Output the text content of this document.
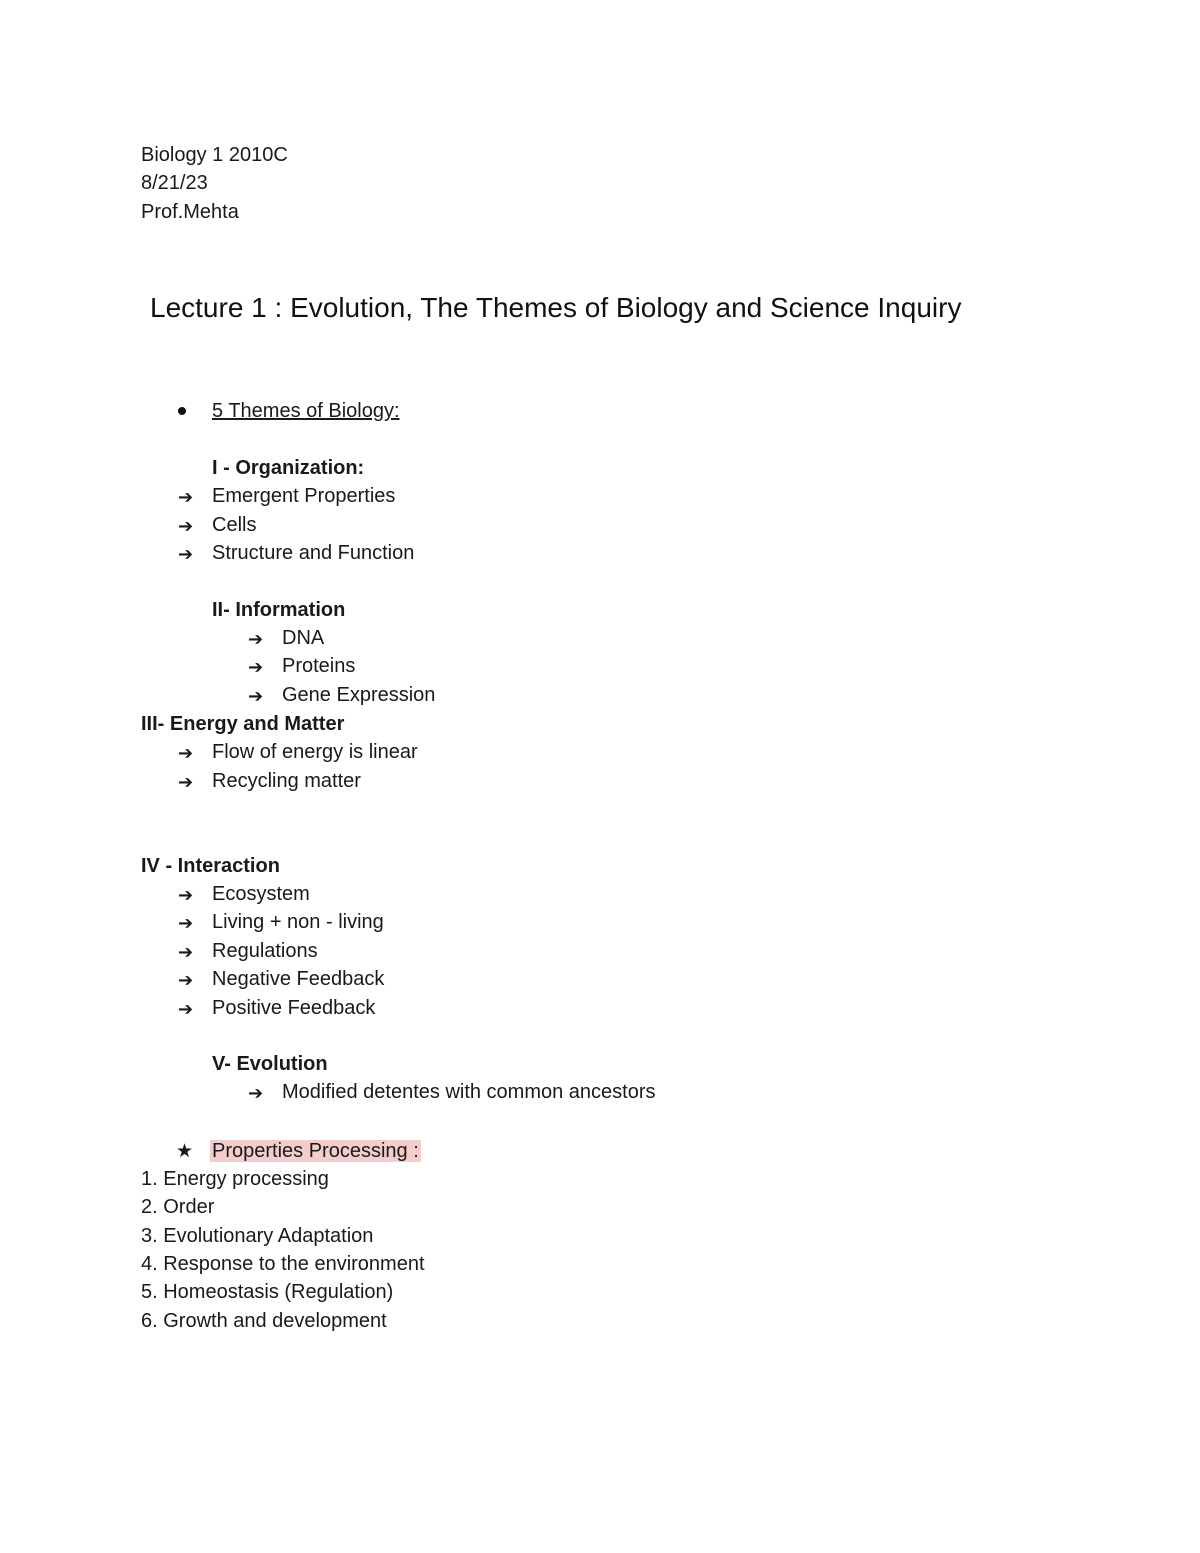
Biology 1 2010C
8/21/23
Prof.Mehta
Lecture 1 : Evolution, The Themes of Biology and Science Inquiry
5 Themes of Biology:
I - Organization:
➔ Emergent Properties
➔ Cells
➔ Structure and Function
II- Information
➔ DNA
➔ Proteins
➔ Gene Expression
III- Energy and Matter
➔ Flow of energy is linear
➔ Recycling matter
IV - Interaction
➔ Ecosystem
➔ Living + non - living
➔ Regulations
➔ Negative Feedback
➔ Positive Feedback
V- Evolution
➔ Modified detentes with common ancestors
★ Properties Processing :
1. Energy processing
2. Order
3. Evolutionary Adaptation
4. Response to the environment
5. Homeostasis (Regulation)
6. Growth and development
